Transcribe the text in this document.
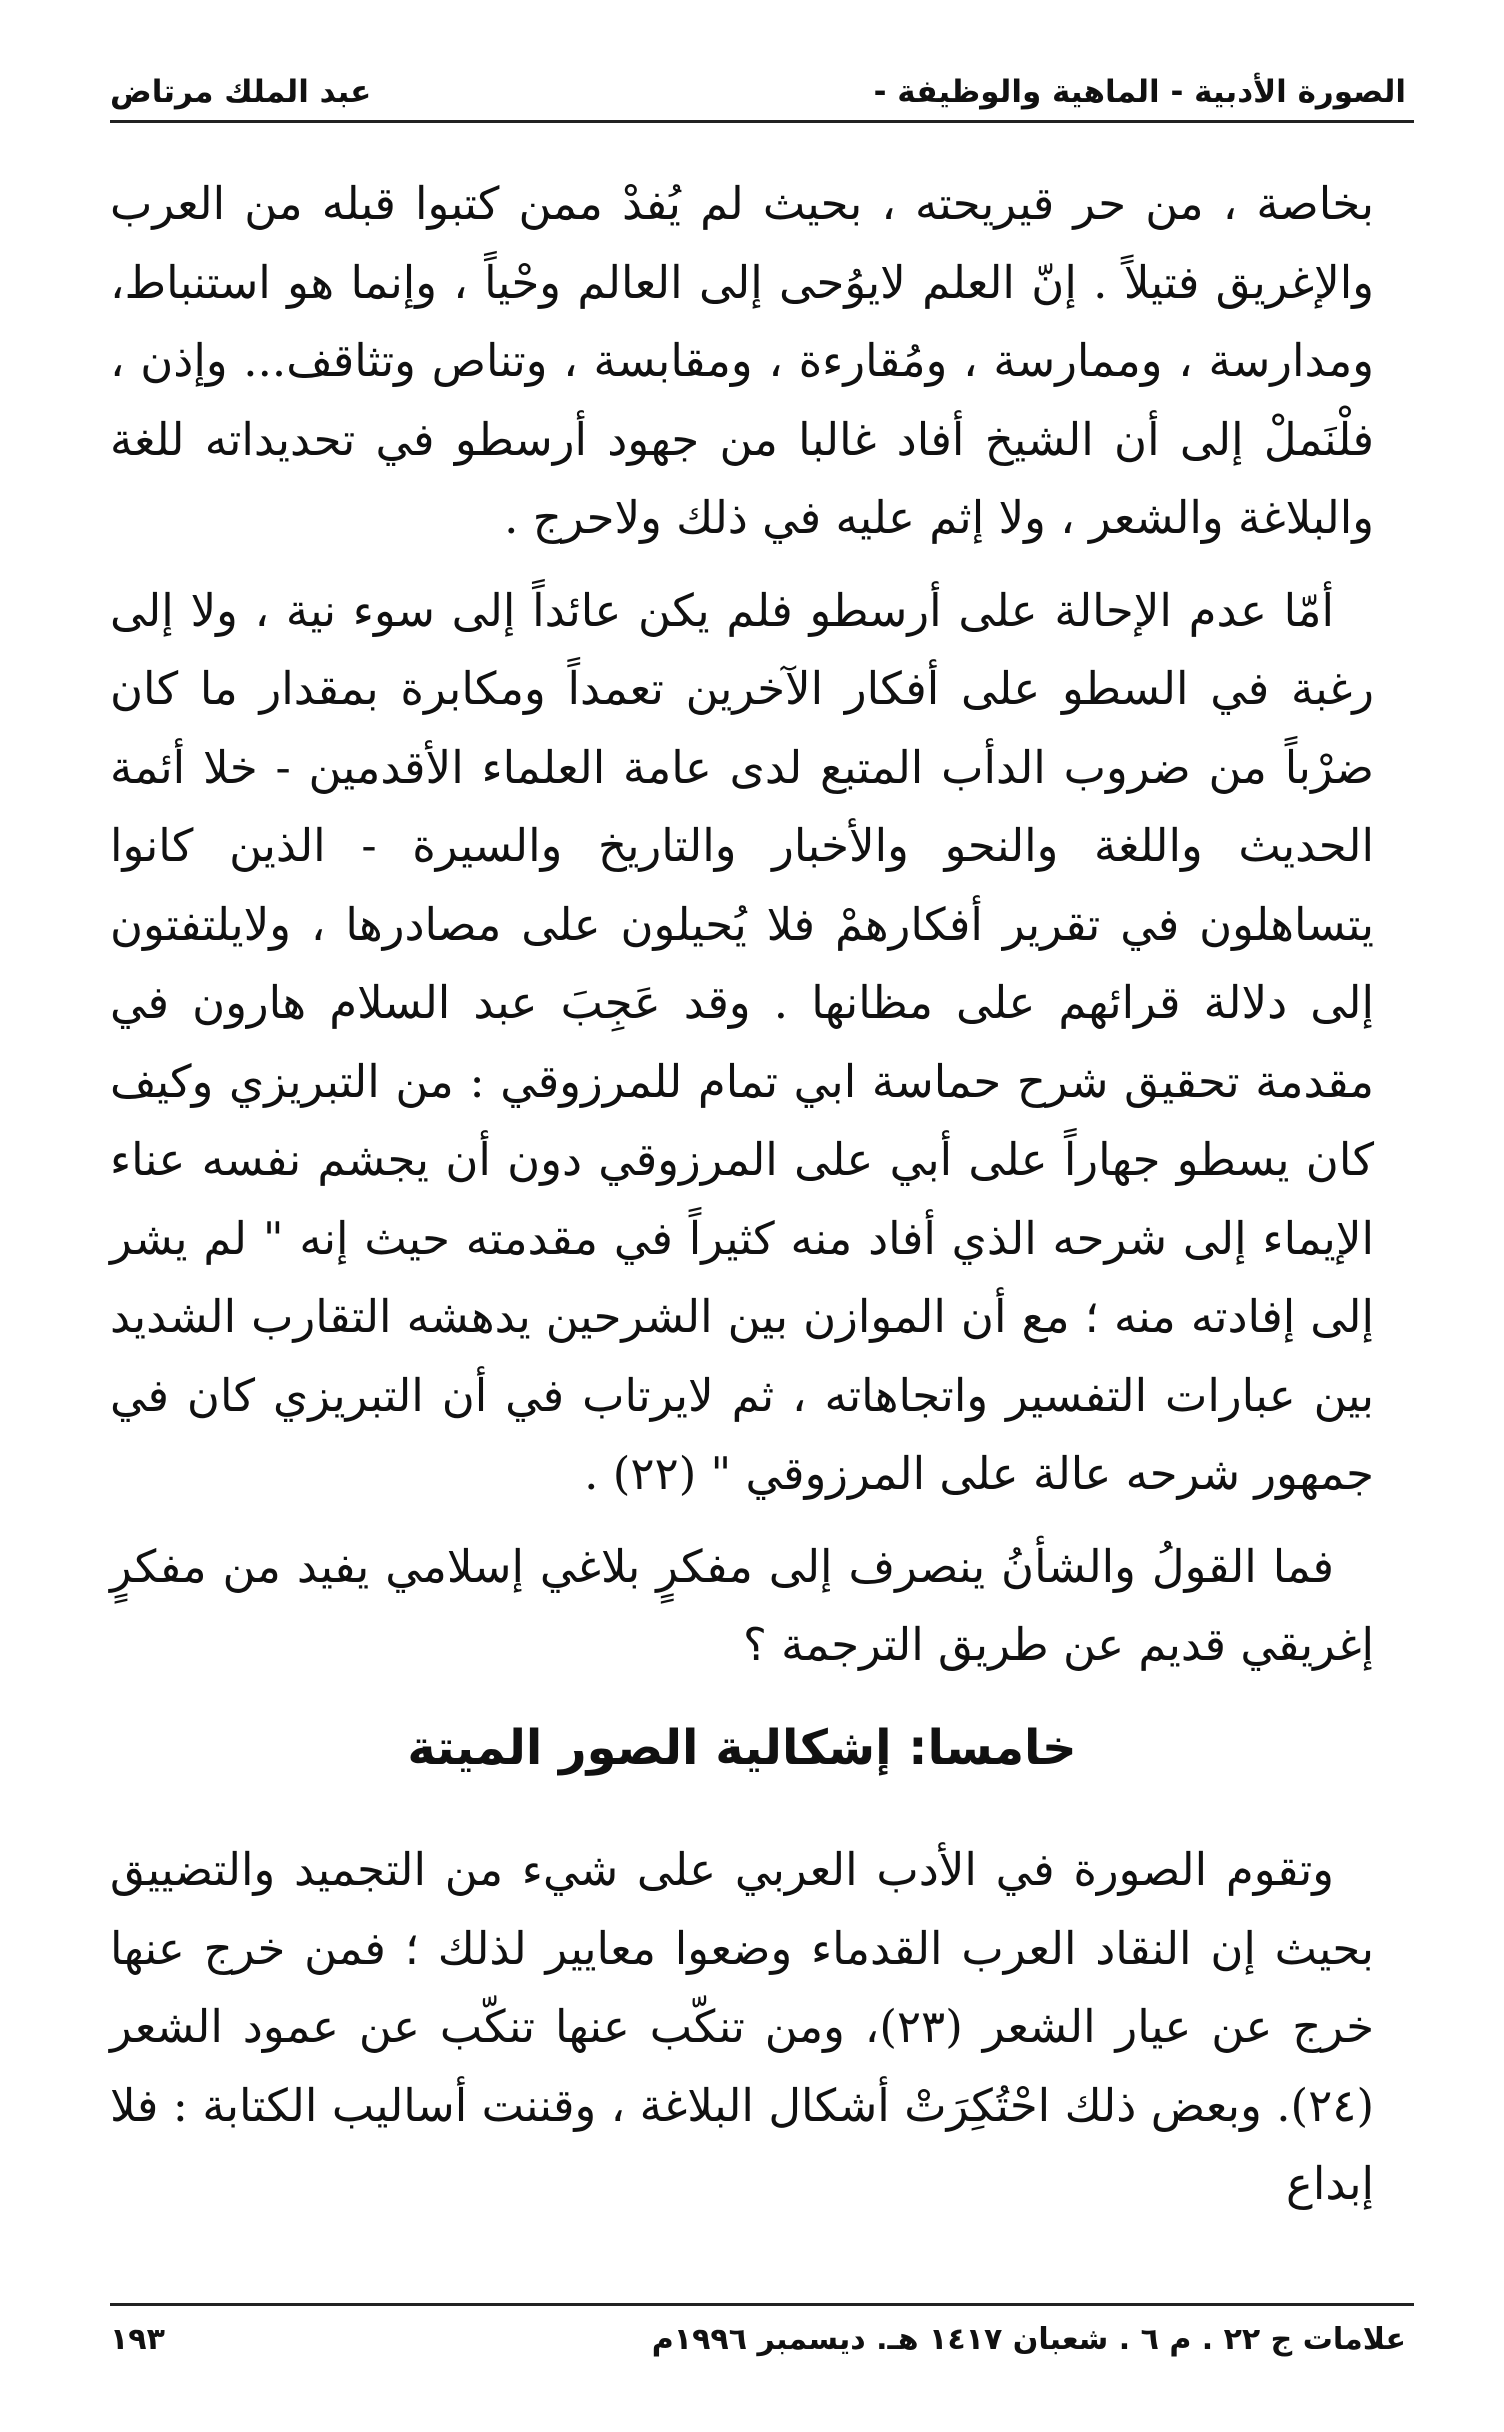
الصورة الأدبية - الماهية والوظيفة -
عبد الملك مرتاض

بخاصة ، من حر قيريحته ، بحيث لم يُفدْ ممن كتبوا قبله من العرب والإغريق فتيلاً . إنّ العلم لايوُحى إلى العالم وحْياً ، وإنما هو استنباط، ومدارسة ، وممارسة ، ومُقارءة ، ومقابسة ، وتناص وتثاقف... وإذن ، فلْنَملْ إلى أن الشيخ أفاد غالبا من جهود أرسطو في تحديداته للغة والبلاغة والشعر ، ولا إثم عليه في ذلك ولاحرج .

أمّا عدم الإحالة على أرسطو فلم يكن عائداً إلى سوء نية ، ولا إلى رغبة في السطو على أفكار الآخرين تعمداً ومكابرة بمقدار ما كان ضرْباً من ضروب الدأب المتبع لدى عامة العلماء الأقدمين - خلا أئمة الحديث واللغة والنحو والأخبار والتاريخ والسيرة - الذين كانوا يتساهلون في تقرير أفكارهمْ فلا يُحيلون على مصادرها ، ولايلتفتون إلى دلالة قرائهم على مظانها . وقد عَجِبَ عبد السلام هارون في مقدمة تحقيق شرح حماسة ابي تمام للمرزوقي : من التبريزي وكيف كان يسطو جهاراً على أبي على المرزوقي دون أن يجشم نفسه عناء الإيماء إلى شرحه الذي أفاد منه كثيراً في مقدمته حيث إنه " لم يشر إلى إفادته منه ؛ مع أن الموازن بين الشرحين يدهشه التقارب الشديد بين عبارات التفسير واتجاهاته ، ثم لايرتاب في أن التبريزي كان في جمهور شرحه عالة على المرزوقي " (٢٢) .

فما القولُ والشأنُ ينصرف إلى مفكرٍ بلاغي إسلامي يفيد من مفكرٍ إغريقي قديم عن طريق الترجمة ؟

خامسا: إشكالية الصور الميتة

وتقوم الصورة في الأدب العربي على شيء من التجميد والتضييق بحيث إن النقاد العرب القدماء وضعوا معايير لذلك ؛ فمن خرج عنها خرج عن عيار الشعر (٢٣)، ومن تنكّب عنها تنكّب عن عمود الشعر (٢٤). وبعض ذلك احْتُكِرَتْ أشكال البلاغة ، وقننت أساليب الكتابة : فلا إبداع

علامات ج ٢٢ . م ٦ . شعبان ١٤١٧ هـ. ديسمبر ١٩٩٦م
١٩٣
